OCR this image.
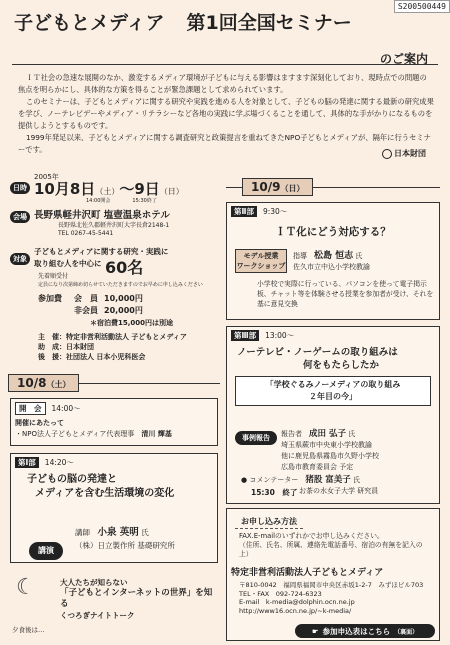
S200500449
子どもとメディア 第1回全国セミナー
のご案内

ＩＴ社会の急速な展開のなか、激変するメディア環境が子どもに与える影響はますます深刻化しており、現時点での問題の焦点を明らかにし、具体的な方策を得ることが緊急課題として求められています。

このセミナーは、子どもとメディアに関する研究や実践を進める人を対象として、子どもの脳の発達に関する最新の研究成果を学び、ノーテレビデーやメディア・リテラシーなど各地の実践に学ぶ場づくることを通して、具体的な手がかりになるものを提供しようとするものです。

1999年発足以来、子どもとメディアに関する調査研究と政策提言を重ねてきたNPO子どもとメディアが、隔年に行うセミナーです。	日本財団
2005年
日時 10月8日（土）〜9日（日）
14:00開会	15:30終了
会場 長野県軽井沢町 塩壺温泉ホテル
長野県北佐久郡軽井沢町大字長倉2148-1
TEL 0267-45-5441
対象
子どもとメディアに関する研究・実践に
取り組む人を中心に 60名
先着順受付
定員になり次第締め切らせていただきますのでお早めに申し込みください
参加費	会　員 10,000円
非会員 20,000円
＊宿泊費15,000円は別途
主　催：特定非営利活動法人 子どもとメディア
助　成：日本財団
後　援：社団法人 日本小児科医会
10/8（土）
開　会	14:00〜
開催にあたって
・NPO法人子どもとメディア代表理事　 清川 輝基
第Ⅰ部	14:20〜
子どもの脳の発達と
メディアを含む生活環境の変化
講演
講師　 小泉 英明 氏
（株）日立製作所 基礎研究所
☾	大人たちが知らない
「子どもとインターネットの世界」を知る
くつろぎナイトトーク
夕食後は…
10/9（日）
第Ⅱ部	9:30〜
ＩＴ化にどう対応する？
モデル授業
ワークショップ
指導　 松島 恒志 氏
佐久市立中込小学校教諭
小学校で実際に行っている、パソコンを使って電子掲示板、チャット等を体験させる授業を参加者が受け、それを基に意見交換
第Ⅲ部	13:00〜
ノーテレビ・ノーゲームの取り組みは
何をもたらしたか
「学校ぐるみノーメディアの取り組み
２年目の今」
事例報告	報告者　 成田 弘子 氏
埼玉県蕨市中央東小学校教諭
他に鹿児島県霧島市久野小学校
広島市教育委員会 予定
● コメンテーター　 猪股 富美子 氏
お茶の水女子大学 研究員
15:30　終了
お申し込み方法
FAX.E-mailのいずれかでお申し込みください。
（住所、氏名、所属、連絡先電話番号、宿泊の有無を記入の上）
特定非営利活動法人子どもとメディア
〒810-0042　福岡県福岡市中央区赤坂1-2-7　みずほビル703
TEL・FAX　092-724-6323
E-mail　k-media@dolphin.ocn.ne.jp
http://www16.ocn.ne.jp/~k-media/
☛ 参加申込表はこちら （裏面）
